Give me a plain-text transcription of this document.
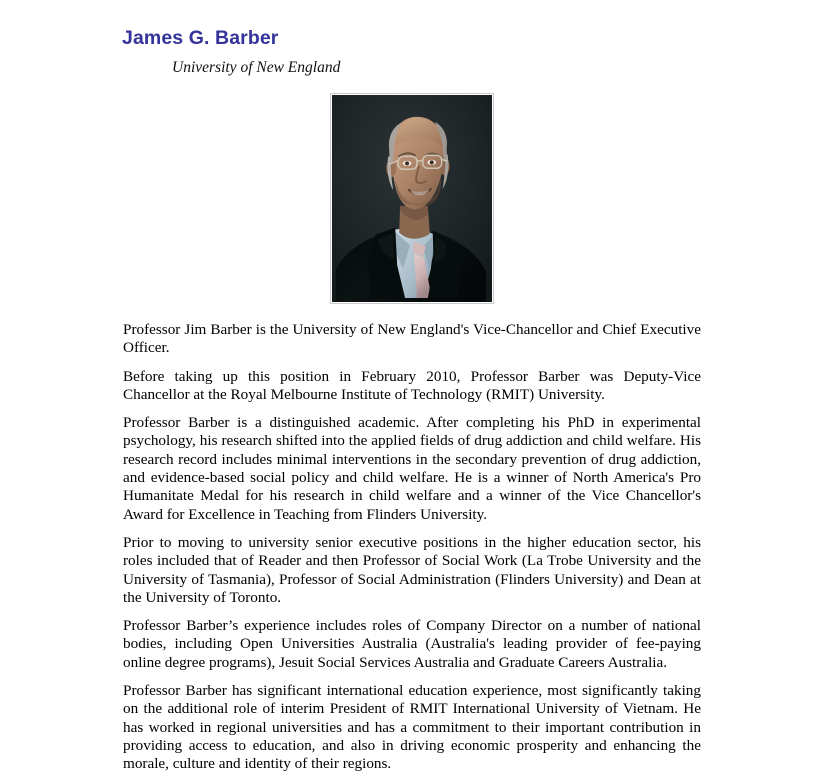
James G. Barber
University of New England

Professor Jim Barber is the University of New England's Vice-Chancellor and Chief Executive Officer.

Before taking up this position in February 2010, Professor Barber was Deputy-Vice Chancellor at the Royal Melbourne Institute of Technology (RMIT) University.

Professor Barber is a distinguished academic. After completing his PhD in experimental psychology, his research shifted into the applied fields of drug addiction and child welfare. His research record includes minimal interventions in the secondary prevention of drug addiction, and evidence-based social policy and child welfare. He is a winner of North America's Pro Humanitate Medal for his research in child welfare and a winner of the Vice Chancellor's Award for Excellence in Teaching from Flinders University.

Prior to moving to university senior executive positions in the higher education sector, his roles included that of Reader and then Professor of Social Work (La Trobe University and the University of Tasmania), Professor of Social Administration (Flinders University) and Dean at the University of Toronto.

Professor Barber’s experience includes roles of Company Director on a number of national bodies, including Open Universities Australia (Australia's leading provider of fee-paying online degree programs), Jesuit Social Services Australia and Graduate Careers Australia.

Professor Barber has significant international education experience, most significantly taking on the additional role of interim President of RMIT International University of Vietnam. He has worked in regional universities and has a commitment to their important contribution in providing access to education, and also in driving economic prosperity and enhancing the morale, culture and identity of their regions.
